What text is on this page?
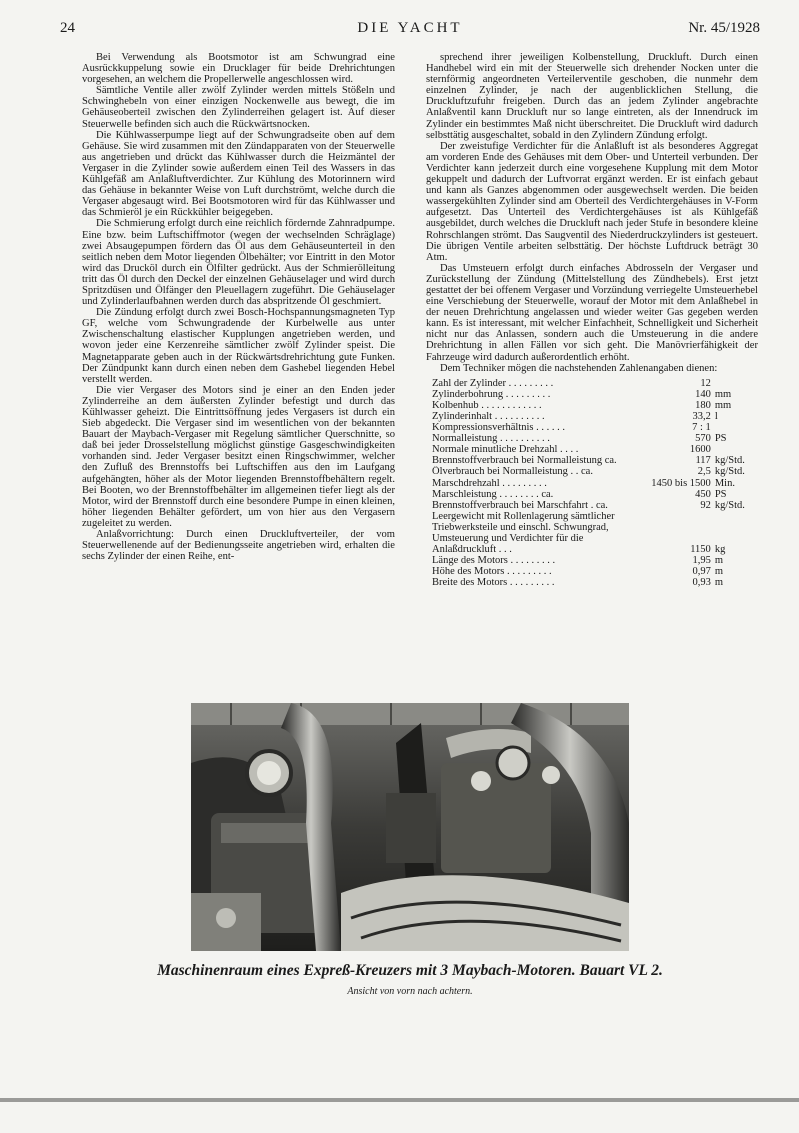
24	DIE YACHT	Nr. 45/1928

Bei Verwendung als Bootsmotor ist am Schwungrad eine Ausrückkuppelung sowie ein Drucklager für beide Drehrichtungen vorgesehen, an welchem die Propellerwelle angeschlossen wird.

Sämtliche Ventile aller zwölf Zylinder werden mittels Stößeln und Schwinghebeln von einer einzigen Nockenwelle aus bewegt, die im Gehäuseoberteil zwischen den Zylinderreihen gelagert ist. Auf dieser Steuerwelle befinden sich auch die Rückwärtsnocken.

Die Kühlwasserpumpe liegt auf der Schwungradseite oben auf dem Gehäuse. Sie wird zusammen mit den Zündapparaten von der Steuerwelle aus angetrieben und drückt das Kühlwasser durch die Heizmäntel der Vergaser in die Zylinder sowie außerdem einen Teil des Wassers in das Kühlgefäß am Anlaßluftverdichter. Zur Kühlung des Motorinnern wird das Gehäuse in bekannter Weise von Luft durchströmt, welche durch die Vergaser abgesaugt wird. Bei Bootsmotoren wird für das Kühlwasser und das Schmieröl je ein Rückkühler beigegeben.

Die Schmierung erfolgt durch eine reichlich fördernde Zahnradpumpe. Eine bzw. beim Luftschiffmotor (wegen der wechselnden Schräglage) zwei Absaugepumpen fördern das Öl aus dem Gehäuseunterteil in den seitlich neben dem Motor liegenden Ölbehälter; vor Eintritt in den Motor wird das Drucköl durch ein Ölfilter gedrückt. Aus der Schmierölleitung tritt das Öl durch den Deckel der einzelnen Gehäuselager und wird durch Spritzdüsen und Ölfänger den Pleuellagern zugeführt. Die Gehäuselager und Zylinderlaufbahnen werden durch das abspritzende Öl geschmiert.

Die Zündung erfolgt durch zwei Bosch-Hochspannungsmagneten Typ GF, welche vom Schwungradende der Kurbelwelle aus unter Zwischenschaltung elastischer Kupplungen angetrieben werden, und wovon jeder eine Kerzenreihe sämtlicher zwölf Zylinder speist. Die Magnetapparate geben auch in der Rückwärtsdrehrichtung gute Funken. Der Zündpunkt kann durch einen neben dem Gashebel liegenden Hebel verstellt werden.

Die vier Vergaser des Motors sind je einer an den Enden jeder Zylinderreihe an dem äußersten Zylinder befestigt und durch das Kühlwasser geheizt. Die Eintrittsöffnung jedes Vergasers ist durch ein Sieb abgedeckt. Die Vergaser sind im wesentlichen von der bekannten Bauart der Maybach-Vergaser mit Regelung sämtlicher Querschnitte, so daß bei jeder Drosselstellung möglichst günstige Gasgeschwindigkeiten vorhanden sind. Jeder Vergaser besitzt einen Ringschwimmer, welcher den Zufluß des Brennstoffs bei Luftschiffen aus den im Laufgang aufgehängten, höher als der Motor liegenden Brennstoffbehältern regelt. Bei Booten, wo der Brennstoffbehälter im allgemeinen tiefer liegt als der Motor, wird der Brennstoff durch eine besondere Pumpe in einen kleinen, höher liegenden Behälter gefördert, um von hier aus den Vergasern zugeleitet zu werden.

Anlaßvorrichtung: Durch einen Druckluftverteiler, der vom Steuerwellenende auf der Bedienungsseite angetrieben wird, erhalten die sechs Zylinder der einen Reihe, ent-

sprechend ihrer jeweiligen Kolbenstellung, Druckluft. Durch einen Handhebel wird ein mit der Steuerwelle sich drehender Nocken unter die sternförmig angeordneten Verteilerventile geschoben, die nunmehr dem einzelnen Zylinder, je nach der augenblicklichen Stellung, die Druckluftzufuhr freigeben. Durch das an jedem Zylinder angebrachte Anlaßventil kann Druckluft nur so lange eintreten, als der Innendruck im Zylinder ein bestimmtes Maß nicht überschreitet. Die Druckluft wird dadurch selbsttätig ausgeschaltet, sobald in den Zylindern Zündung erfolgt.

Der zweistufige Verdichter für die Anlaßluft ist als besonderes Aggregat am vorderen Ende des Gehäuses mit dem Ober- und Unterteil verbunden. Der Verdichter kann jederzeit durch eine vorgesehene Kupplung mit dem Motor gekuppelt und dadurch der Luftvorrat ergänzt werden. Er ist einfach gebaut und kann als Ganzes abgenommen oder ausgewechselt werden. Die beiden wassergekühlten Zylinder sind am Oberteil des Verdichtergehäuses in V-Form aufgesetzt. Das Unterteil des Verdichtergehäuses ist als Kühlgefäß ausgebildet, durch welches die Druckluft nach jeder Stufe in besondere kleine Rohrschlangen strömt. Das Saugventil des Niederdruckzylinders ist gesteuert. Die übrigen Ventile arbeiten selbsttätig. Der höchste Luftdruck beträgt 30 Atm.

Das Umsteuern erfolgt durch einfaches Abdrosseln der Vergaser und Zurückstellung der Zündung (Mittelstellung des Zündhebels). Erst jetzt gestattet der bei offenem Vergaser und Vorzündung verriegelte Umsteuerhebel eine Verschiebung der Steuerwelle, worauf der Motor mit dem Anlaßhebel in der neuen Drehrichtung angelassen und wieder weiter Gas gegeben werden kann. Es ist interessant, mit welcher Einfachheit, Schnelligkeit und Sicherheit nicht nur das Anlassen, sondern auch die Umsteuerung in die andere Drehrichtung in allen Fällen vor sich geht. Die Manövrierfähigkeit der Fahrzeuge wird dadurch außerordentlich erhöht.

Dem Techniker mögen die nachstehenden Zahlenangaben dienen:

Zahl der Zylinder . . . . . . . . .	12
Zylinderbohrung . . . . . . . . .	140 mm
Kolbenhub . . . . . . . . . . . .	180 mm
Zylinderinhalt . . . . . . . . . .	33,2 l
Kompressionsverhältnis . . . . . .	7 : 1
Normalleistung . . . . . . . . . .	570 PS
Normale minutliche Drehzahl . . . .	1600
Brennstoffverbrauch bei Normalleistung ca.	117 kg/Std.
Ölverbrauch bei Normalleistung . . ca.	2,5 kg/Std.
Marschdrehzahl . . . . . . . . .	1450 bis 1500 Min.
Marschleistung . . . . . . . . ca.	450 PS
Brennstoffverbrauch bei Marschfahrt . ca.	92 kg/Std.
Leergewicht mit Rollenlagerung sämtlicher Triebwerksteile und einschl. Schwungrad, Umsteuerung und Verdichter für die Anlaßdruckluft . . .	1150 kg
Länge des Motors . . . . . . . . .	1,95 m
Höhe des Motors . . . . . . . . .	0,97 m
Breite des Motors . . . . . . . . .	0,93 m
Maschinenraum eines Expreß-Kreuzers mit 3 Maybach-Motoren. Bauart VL 2.
Ansicht von vorn nach achtern.
